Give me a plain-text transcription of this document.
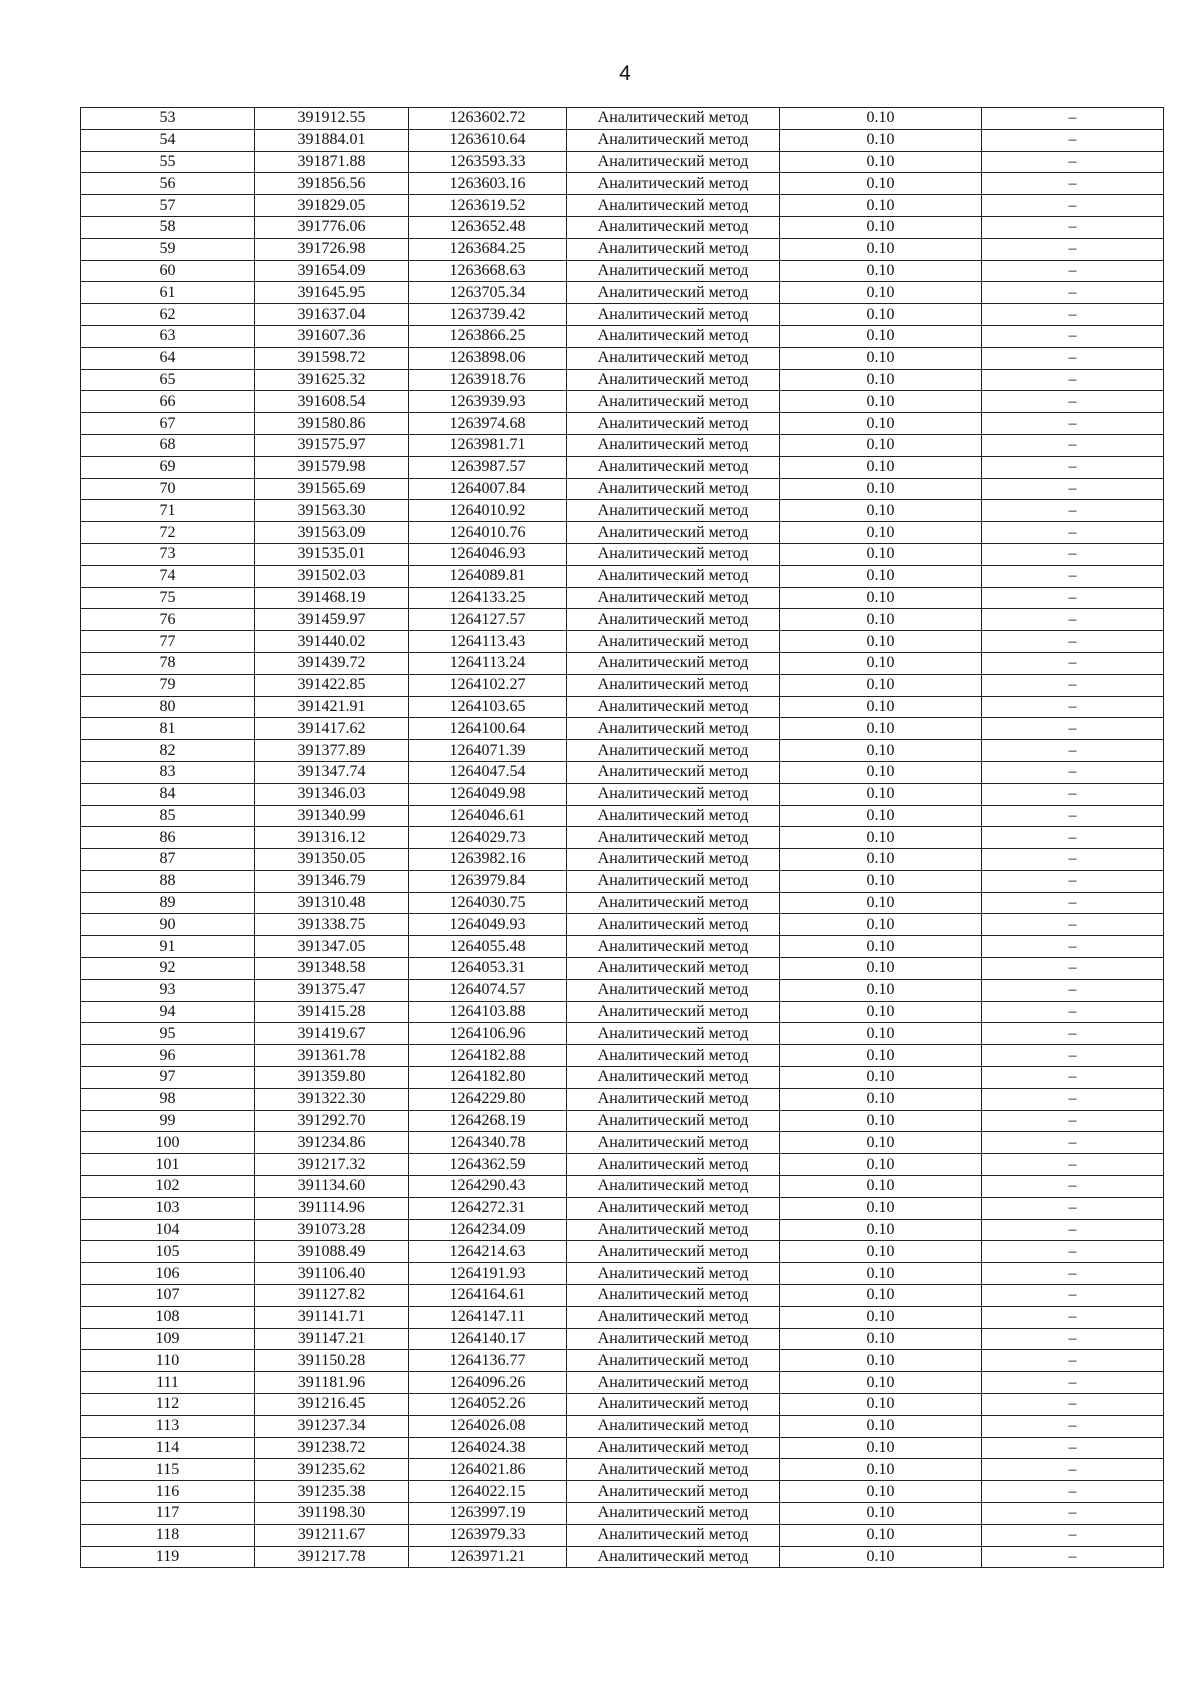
4
53	391912.55	1263602.72	Аналитический метод	0.10	–
54	391884.01	1263610.64	Аналитический метод	0.10	–
55	391871.88	1263593.33	Аналитический метод	0.10	–
56	391856.56	1263603.16	Аналитический метод	0.10	–
57	391829.05	1263619.52	Аналитический метод	0.10	–
58	391776.06	1263652.48	Аналитический метод	0.10	–
59	391726.98	1263684.25	Аналитический метод	0.10	–
60	391654.09	1263668.63	Аналитический метод	0.10	–
61	391645.95	1263705.34	Аналитический метод	0.10	–
62	391637.04	1263739.42	Аналитический метод	0.10	–
63	391607.36	1263866.25	Аналитический метод	0.10	–
64	391598.72	1263898.06	Аналитический метод	0.10	–
65	391625.32	1263918.76	Аналитический метод	0.10	–
66	391608.54	1263939.93	Аналитический метод	0.10	–
67	391580.86	1263974.68	Аналитический метод	0.10	–
68	391575.97	1263981.71	Аналитический метод	0.10	–
69	391579.98	1263987.57	Аналитический метод	0.10	–
70	391565.69	1264007.84	Аналитический метод	0.10	–
71	391563.30	1264010.92	Аналитический метод	0.10	–
72	391563.09	1264010.76	Аналитический метод	0.10	–
73	391535.01	1264046.93	Аналитический метод	0.10	–
74	391502.03	1264089.81	Аналитический метод	0.10	–
75	391468.19	1264133.25	Аналитический метод	0.10	–
76	391459.97	1264127.57	Аналитический метод	0.10	–
77	391440.02	1264113.43	Аналитический метод	0.10	–
78	391439.72	1264113.24	Аналитический метод	0.10	–
79	391422.85	1264102.27	Аналитический метод	0.10	–
80	391421.91	1264103.65	Аналитический метод	0.10	–
81	391417.62	1264100.64	Аналитический метод	0.10	–
82	391377.89	1264071.39	Аналитический метод	0.10	–
83	391347.74	1264047.54	Аналитический метод	0.10	–
84	391346.03	1264049.98	Аналитический метод	0.10	–
85	391340.99	1264046.61	Аналитический метод	0.10	–
86	391316.12	1264029.73	Аналитический метод	0.10	–
87	391350.05	1263982.16	Аналитический метод	0.10	–
88	391346.79	1263979.84	Аналитический метод	0.10	–
89	391310.48	1264030.75	Аналитический метод	0.10	–
90	391338.75	1264049.93	Аналитический метод	0.10	–
91	391347.05	1264055.48	Аналитический метод	0.10	–
92	391348.58	1264053.31	Аналитический метод	0.10	–
93	391375.47	1264074.57	Аналитический метод	0.10	–
94	391415.28	1264103.88	Аналитический метод	0.10	–
95	391419.67	1264106.96	Аналитический метод	0.10	–
96	391361.78	1264182.88	Аналитический метод	0.10	–
97	391359.80	1264182.80	Аналитический метод	0.10	–
98	391322.30	1264229.80	Аналитический метод	0.10	–
99	391292.70	1264268.19	Аналитический метод	0.10	–
100	391234.86	1264340.78	Аналитический метод	0.10	–
101	391217.32	1264362.59	Аналитический метод	0.10	–
102	391134.60	1264290.43	Аналитический метод	0.10	–
103	391114.96	1264272.31	Аналитический метод	0.10	–
104	391073.28	1264234.09	Аналитический метод	0.10	–
105	391088.49	1264214.63	Аналитический метод	0.10	–
106	391106.40	1264191.93	Аналитический метод	0.10	–
107	391127.82	1264164.61	Аналитический метод	0.10	–
108	391141.71	1264147.11	Аналитический метод	0.10	–
109	391147.21	1264140.17	Аналитический метод	0.10	–
110	391150.28	1264136.77	Аналитический метод	0.10	–
111	391181.96	1264096.26	Аналитический метод	0.10	–
112	391216.45	1264052.26	Аналитический метод	0.10	–
113	391237.34	1264026.08	Аналитический метод	0.10	–
114	391238.72	1264024.38	Аналитический метод	0.10	–
115	391235.62	1264021.86	Аналитический метод	0.10	–
116	391235.38	1264022.15	Аналитический метод	0.10	–
117	391198.30	1263997.19	Аналитический метод	0.10	–
118	391211.67	1263979.33	Аналитический метод	0.10	–
119	391217.78	1263971.21	Аналитический метод	0.10	–
